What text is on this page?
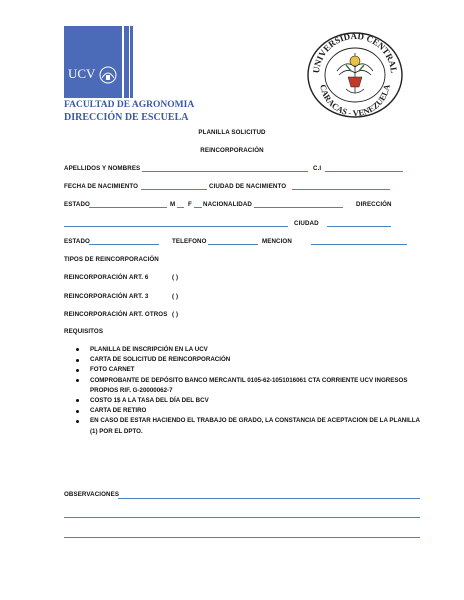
UCV
FACULTAD DE AGRONOMIA
DIRECCIÓN DE ESCUELA
UNIVERSIDAD CENTRAL
CARACAS - VENEZUELA
PLANILLA SOLICITUD
REINCORPORACIÓN
APELLIDOS Y NOMBRES	C.I
FECHA DE NACIMIENTO	CIUDAD DE NACIMIENTO
ESTADO	M F NACIONALIDAD	DIRECCIÓN
CIUDAD
ESTADO	TELEFONO	MENCION
TIPOS DE REINCORPORACIÓN
REINCORPORACIÓN ART. 6	( )
REINCORPORACIÓN ART. 3	( )
REINCORPORACIÓN ART. OTROS ( )
REQUISITOS
PLANILLA DE INSCRIPCIÓN EN LA UCV
CARTA DE SOLICITUD DE REINCORPORACIÓN
FOTO CARNET
COMPROBANTE DE DEPÓSITO BANCO MERCANTIL 0105-62-1051016061 CTA CORRIENTE UCV INGRESOS PROPIOS RIF. G-20000062-7
COSTO 1$ A LA TASA DEL DÍA DEL BCV
CARTA DE RETIRO
EN CASO DE ESTAR HACIENDO EL TRABAJO DE GRADO, LA CONSTANCIA DE ACEPTACION DE LA PLANILLA (1) POR EL DPTO.
OBSERVACIONES
